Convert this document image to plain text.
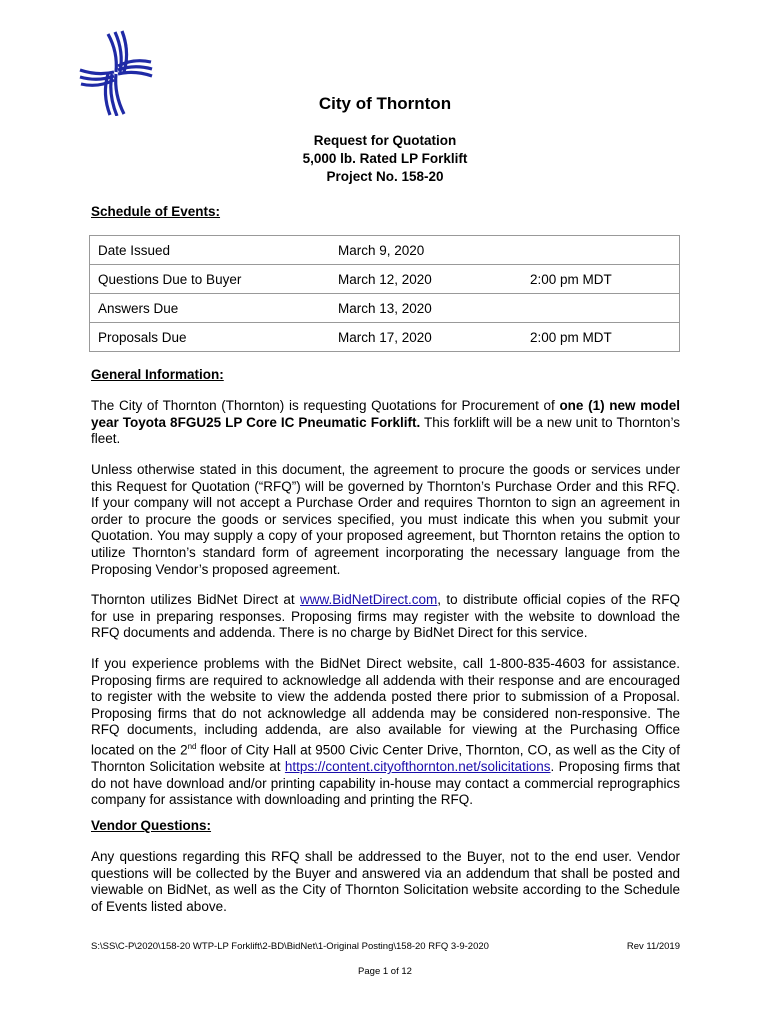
City of Thornton
Request for Quotation
5,000 lb. Rated LP Forklift
Project No. 158-20
Schedule of Events:
Date Issued	March 9, 2020	
Questions Due to Buyer	March 12, 2020	2:00 pm MDT
Answers Due	March 13, 2020	
Proposals Due	March 17, 2020	2:00 pm MDT
General Information:

The City of Thornton (Thornton) is requesting Quotations for Procurement of one (1) new model year Toyota 8FGU25 LP Core IC Pneumatic Forklift. This forklift will be a new unit to Thornton’s fleet.

Unless otherwise stated in this document, the agreement to procure the goods or services under this Request for Quotation (“RFQ”) will be governed by Thornton’s Purchase Order and this RFQ. If your company will not accept a Purchase Order and requires Thornton to sign an agreement in order to procure the goods or services specified, you must indicate this when you submit your Quotation. You may supply a copy of your proposed agreement, but Thornton retains the option to utilize Thornton’s standard form of agreement incorporating the necessary language from the Proposing Vendor’s proposed agreement.

Thornton utilizes BidNet Direct at www.BidNetDirect.com, to distribute official copies of the RFQ for use in preparing responses. Proposing firms may register with the website to download the RFQ documents and addenda. There is no charge by BidNet Direct for this service.

If you experience problems with the BidNet Direct website, call 1-800-835-4603 for assistance. Proposing firms are required to acknowledge all addenda with their response and are encouraged to register with the website to view the addenda posted there prior to submission of a Proposal. Proposing firms that do not acknowledge all addenda may be considered non-responsive. The RFQ documents, including addenda, are also available for viewing at the Purchasing Office located on the 2nd floor of City Hall at 9500 Civic Center Drive, Thornton, CO, as well as the City of Thornton Solicitation website at https://content.cityofthornton.net/solicitations. Proposing firms that do not have download and/or printing capability in-house may contact a commercial reprographics company for assistance with downloading and printing the RFQ.

Vendor Questions:

Any questions regarding this RFQ shall be addressed to the Buyer, not to the end user. Vendor questions will be collected by the Buyer and answered via an addendum that shall be posted and viewable on BidNet, as well as the City of Thornton Solicitation website according to the Schedule of Events listed above.

S:\SS\C-P\2020\158-20 WTP-LP Forklift\2-BD\BidNet\1-Original Posting\158-20 RFQ 3-9-2020	Rev 11/2019
Page 1 of 12
